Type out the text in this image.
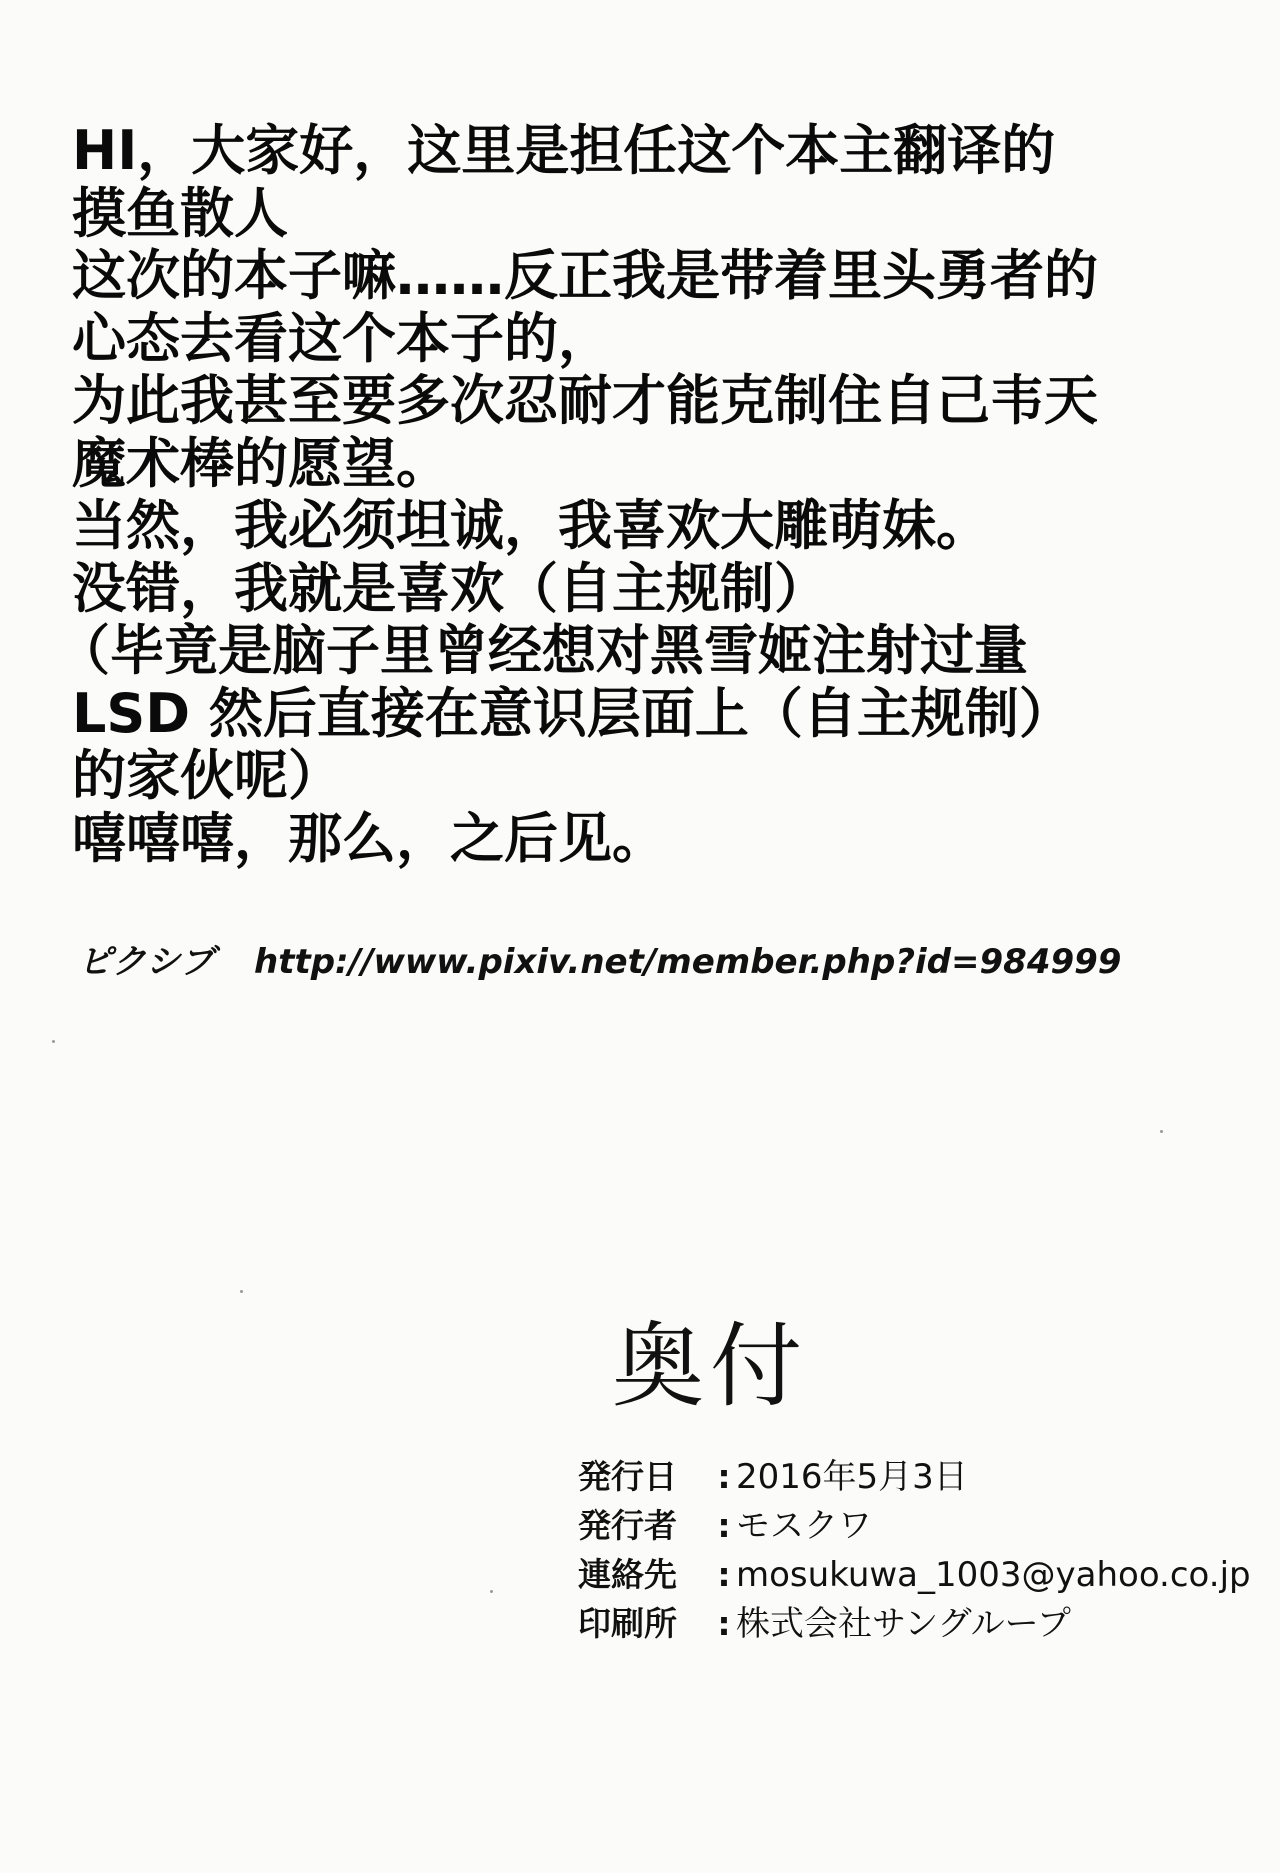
HI，大家好，这里是担任这个本主翻译的
摸鱼散人
这次的本子嘛……反正我是带着里头勇者的
心态去看这个本子的，
为此我甚至要多次忍耐才能克制住自己韦天
魔术棒的愿望。
当然，我必须坦诚，我喜欢大雕萌妹。
没错，我就是喜欢（自主规制）
（毕竟是脑子里曾经想对黑雪姬注射过量
LSD 然后直接在意识层面上（自主规制）
的家伙呢）
嘻嘻嘻，那么，之后见。
ピクシブ http://www.pixiv.net/member.php?id=984999
奥付
発行日	: 2016年5月3日
発行者	: モスクワ
連絡先	: mosukuwa_1003@yahoo.co.jp
印刷所	: 株式会社サングループ
